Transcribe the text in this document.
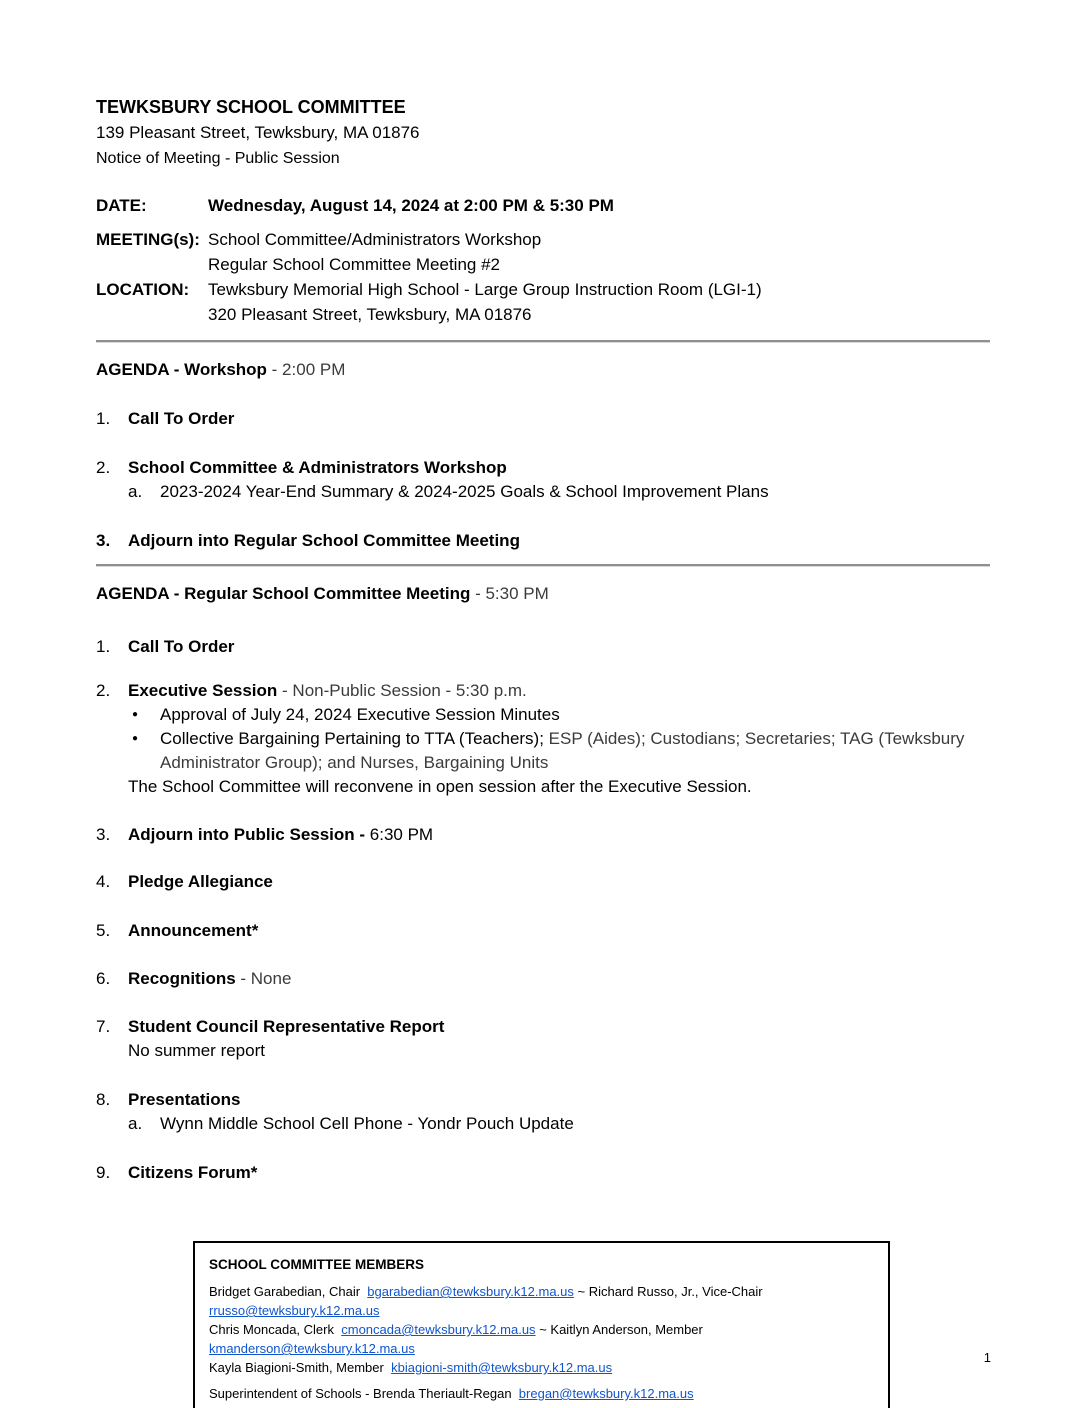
TEWKSBURY SCHOOL COMMITTEE
139 Pleasant Street, Tewksbury, MA 01876
Notice of Meeting - Public Session
DATE:	Wednesday, August 14, 2024 at 2:00 PM & 5:30 PM
MEETING(s): School Committee/Administrators Workshop
Regular School Committee Meeting #2
LOCATION:	Tewksbury Memorial High School - Large Group Instruction Room (LGI-1)
320 Pleasant Street, Tewksbury, MA 01876
AGENDA - Workshop - 2:00 PM
1.	Call To Order
2.	School Committee & Administrators Workshop
a.	2023-2024 Year-End Summary & 2024-2025 Goals & School Improvement Plans
3.	Adjourn into Regular School Committee Meeting
AGENDA - Regular School Committee Meeting - 5:30 PM
1.	Call To Order
2.	Executive Session - Non-Public Session - 5:30 p.m.
●	Approval of July 24, 2024 Executive Session Minutes
●	Collective Bargaining Pertaining to TTA (Teachers); ESP (Aides); Custodians; Secretaries; TAG (Tewksbury
Administrator Group); and Nurses, Bargaining Units
The School Committee will reconvene in open session after the Executive Session.
3.	Adjourn into Public Session - 6:30 PM
4.	Pledge Allegiance
5.	Announcement*
6.	Recognitions - None
7.	Student Council Representative Report
No summer report
8.	Presentations
a.	Wynn Middle School Cell Phone - Yondr Pouch Update
9.	Citizens Forum*
SCHOOL COMMITTEE MEMBERS
Bridget Garabedian, Chair bgarabedian@tewksbury.k12.ma.us ~ Richard Russo, Jr., Vice-Chair  rrusso@tewksbury.k12.ma.us
Chris Moncada, Clerk cmoncada@tewksbury.k12.ma.us ~ Kaitlyn Anderson, Member  kmanderson@tewksbury.k12.ma.us
Kayla Biagioni-Smith, Member kbiagioni-smith@tewksbury.k12.ma.us
Superintendent of Schools - Brenda Theriault-Regan bregan@tewksbury.k12.ma.us
1
